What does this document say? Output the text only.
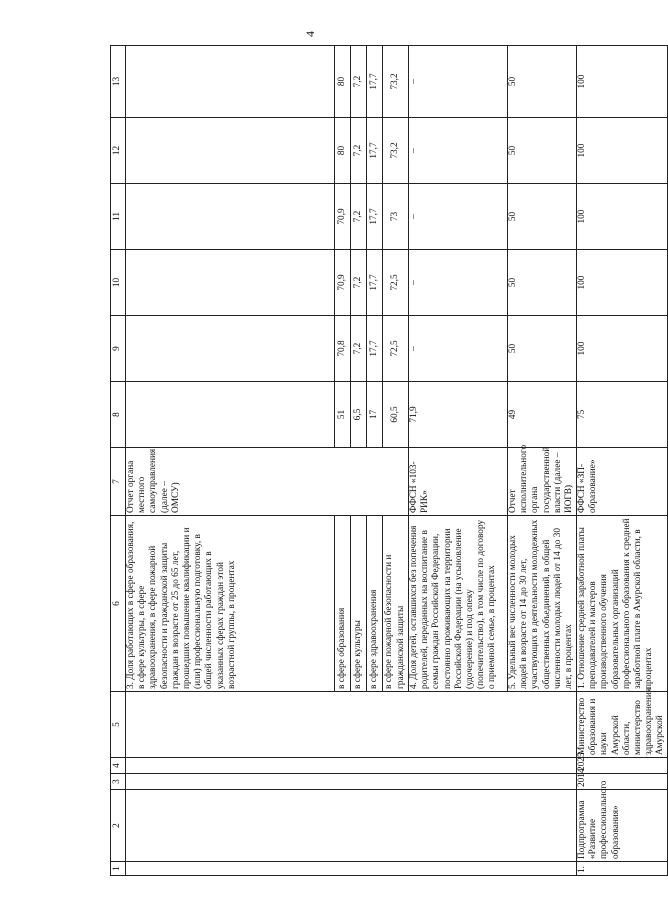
4
1	2	3	4	5	6	7	8	9	10	11	12	13
					3. Доля работающих в сфере образования, в сфере культуры, в сфере здравоохранения, в сфере пожарной безопасности и гражданской защиты граждан в возрасте от 25 до 65 лет, прошедших повышение квалификации и (или) профессиональную подготовку, в общей численности работающих в указанных сферах граждан этой возрастной группы, в процентах	Отчет органа местного самоуправления (далее – ОМСУ)						
					в сфере образования		51	70,8	70,9	70,9	80	80
					в сфере культуры		6,5	7,2	7,2	7,2	7,2	7,2
					в сфере здравоохранения		17	17,7	17,7	17,7	17,7	17,7
					в сфере пожарной безопасности и гражданской защиты		60,5	72,5	72,5	73	73,2	73,2
					4. Доля детей, оставшихся без попечения родителей, переданных на воспитание в семьи граждан Российской Федерации, постоянно проживающих на территории Российской Федерации (на усыновление (удочерение) и под опеку (попечительство), в том числе по договору о приемной семье, в процентах	ФФСН «103-РИК»	71,9	–	–	–	–	–
					5. Удельный вес численности молодых людей в возрасте от 14 до 30 лет, участвующих в деятельности молодежных общественных объединений, в общей численности молодых людей от 14 до 30 лет, в процентах	Отчет исполнительного органа государственной власти (далее – ИОГВ)	49	50	50	50	50	50
1.	Подпрограмма «Развитие профессионального образования»	2014	2025	Министерство образования и науки Амурской области, министерство здравоохранения Амурской	1. Отношение средней заработной платы преподавателей и мастеров производственного обучения образовательных организаций профессионального образования к средней заработной плате в Амурской области, в процентах	ФФСН «ЗП-образование»	75	100	100	100	100	100
